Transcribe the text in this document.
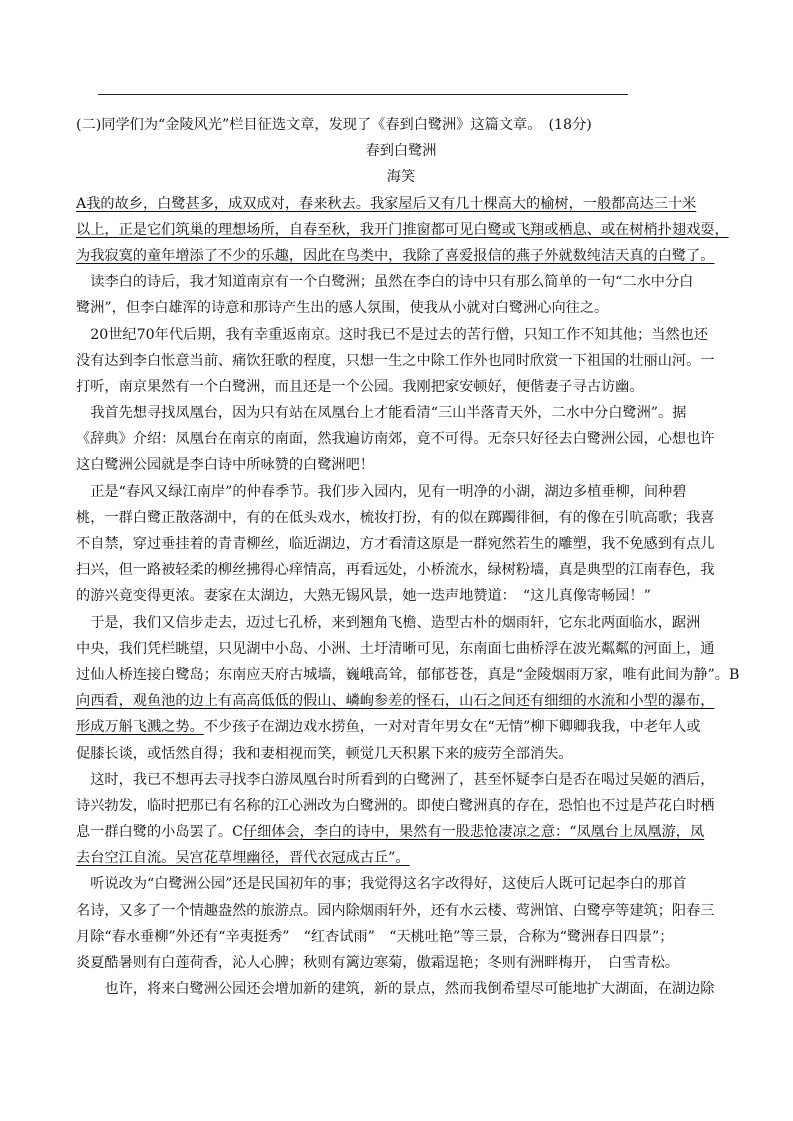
(二)同学们为“金陵风光”栏目征选文章，发现了《春到白鹭洲》这篇文章。　(18分)
春到白鹭洲
海笑
A我的故乡，白鹭甚多，成双成对，春来秋去。我家屋后又有几十棵高大的榆树，一般都高达三十米
以上，正是它们筑巢的理想场所，自春至秋，我开门推窗都可见白鹭或飞翔或栖息、或在树梢扑翅戏耍，
为我寂寞的童年增添了不少的乐趣，因此在鸟类中，我除了喜爱报信的燕子外就数纯洁天真的白鹭了。
　读李白的诗后，我才知道南京有一个白鹭洲；虽然在李白的诗中只有那么简单的一句“二水中分白
鹭洲”，但李白雄浑的诗意和那诗产生出的感人氛围，使我从小就对白鹭洲心向往之。
　20世纪70年代后期，我有幸重返南京。这时我已不是过去的苦行僧，只知工作不知其他；当然也还
没有达到李白怅意当前、痛饮狂歌的程度，只想一生之中除工作外也同时欣赏一下祖国的壮丽山河。一
打听，南京果然有一个白鹭洲，而且还是一个公园。我刚把家安顿好，便偕妻子寻古访幽。
　我首先想寻找凤凰台，因为只有站在凤凰台上才能看清“三山半落青天外，二水中分白鹭洲”。据
《辞典》介绍：凤凰台在南京的南面，然我遍访南郊，竟不可得。无奈只好径去白鹭洲公园，心想也许
这白鹭洲公园就是李白诗中所咏赞的白鹭洲吧！
　正是“春风又绿江南岸”的仲春季节。我们步入园内，见有一明净的小湖，湖边多植垂柳，间种碧
桃，一群白鹭正散落湖中，有的在低头戏水，梳妆打扮，有的似在踯躅徘徊，有的像在引吭高歌；我喜
不自禁，穿过垂挂着的青青柳丝，临近湖边，方才看清这原是一群宛然若生的雕塑，我不免感到有点儿
扫兴，但一路被轻柔的柳丝拂得心痒情高，再看远处，小桥流水，绿树粉墙，真是典型的江南春色，我
的游兴竟变得更浓。妻家在太湖边，大熟无锡风景，她一迭声地赞道：　“这儿真像寄畅园！”
　于是，我们又信步走去，迈过七孔桥，来到翘角飞檐、造型古朴的烟雨轩，它东北两面临水，踞洲
中央，我们凭栏眺望，只见湖中小岛、小洲、土圩清晰可见，东南面七曲桥浮在波光粼粼的河面上，通
过仙人桥连接白鹭岛；东南应天府古城墙，巍峨高耸，郁郁苍苍，真是“金陵烟雨万家，唯有此间为静”。B
向西看，观鱼池的边上有高高低低的假山、嶙峋参差的怪石，山石之间还有细细的水流和小型的瀑布，
形成万斛飞溅之势。不少孩子在湖边戏水捞鱼，一对对青年男女在“无情”柳下卿卿我我，中老年人或
促膝长谈，或恬然自得；我和妻相视而笑，顿觉几天积累下来的疲劳全部消失。
　这时，我已不想再去寻找李白游凤凰台时所看到的白鹭洲了，甚至怀疑李白是否在喝过吴姬的酒后，
诗兴勃发，临时把那已有名称的江心洲改为白鹭洲的。即使白鹭洲真的存在，恐怕也不过是芦花白时栖
息一群白鹭的小岛罢了。C仔细体会，李白的诗中，果然有一股悲怆凄凉之意：“凤凰台上凤凰游，凤
去台空江自流。吴宫花草埋幽径，晋代衣冠成古丘”。
　听说改为“白鹭洲公园”还是民国初年的事；我觉得这名字改得好，这使后人既可记起李白的那首
名诗，又多了一个情趣盎然的旅游点。园内除烟雨轩外，还有水云楼、莺洲馆、白鹭亭等建筑；阳春三
月除“春水垂柳”外还有“辛夷挺秀”　“红杏试雨”　“天桃吐艳”等三景，合称为“鹭洲春日四景”；
炎夏酷暑则有白莲荷香，沁人心脾；秋则有篱边寒菊，傲霜逞艳；冬则有洲畔梅开，　白雪青松。
　　也许，将来白鹭洲公园还会增加新的建筑，新的景点，然而我倒希望尽可能地扩大湖面，在湖边除
